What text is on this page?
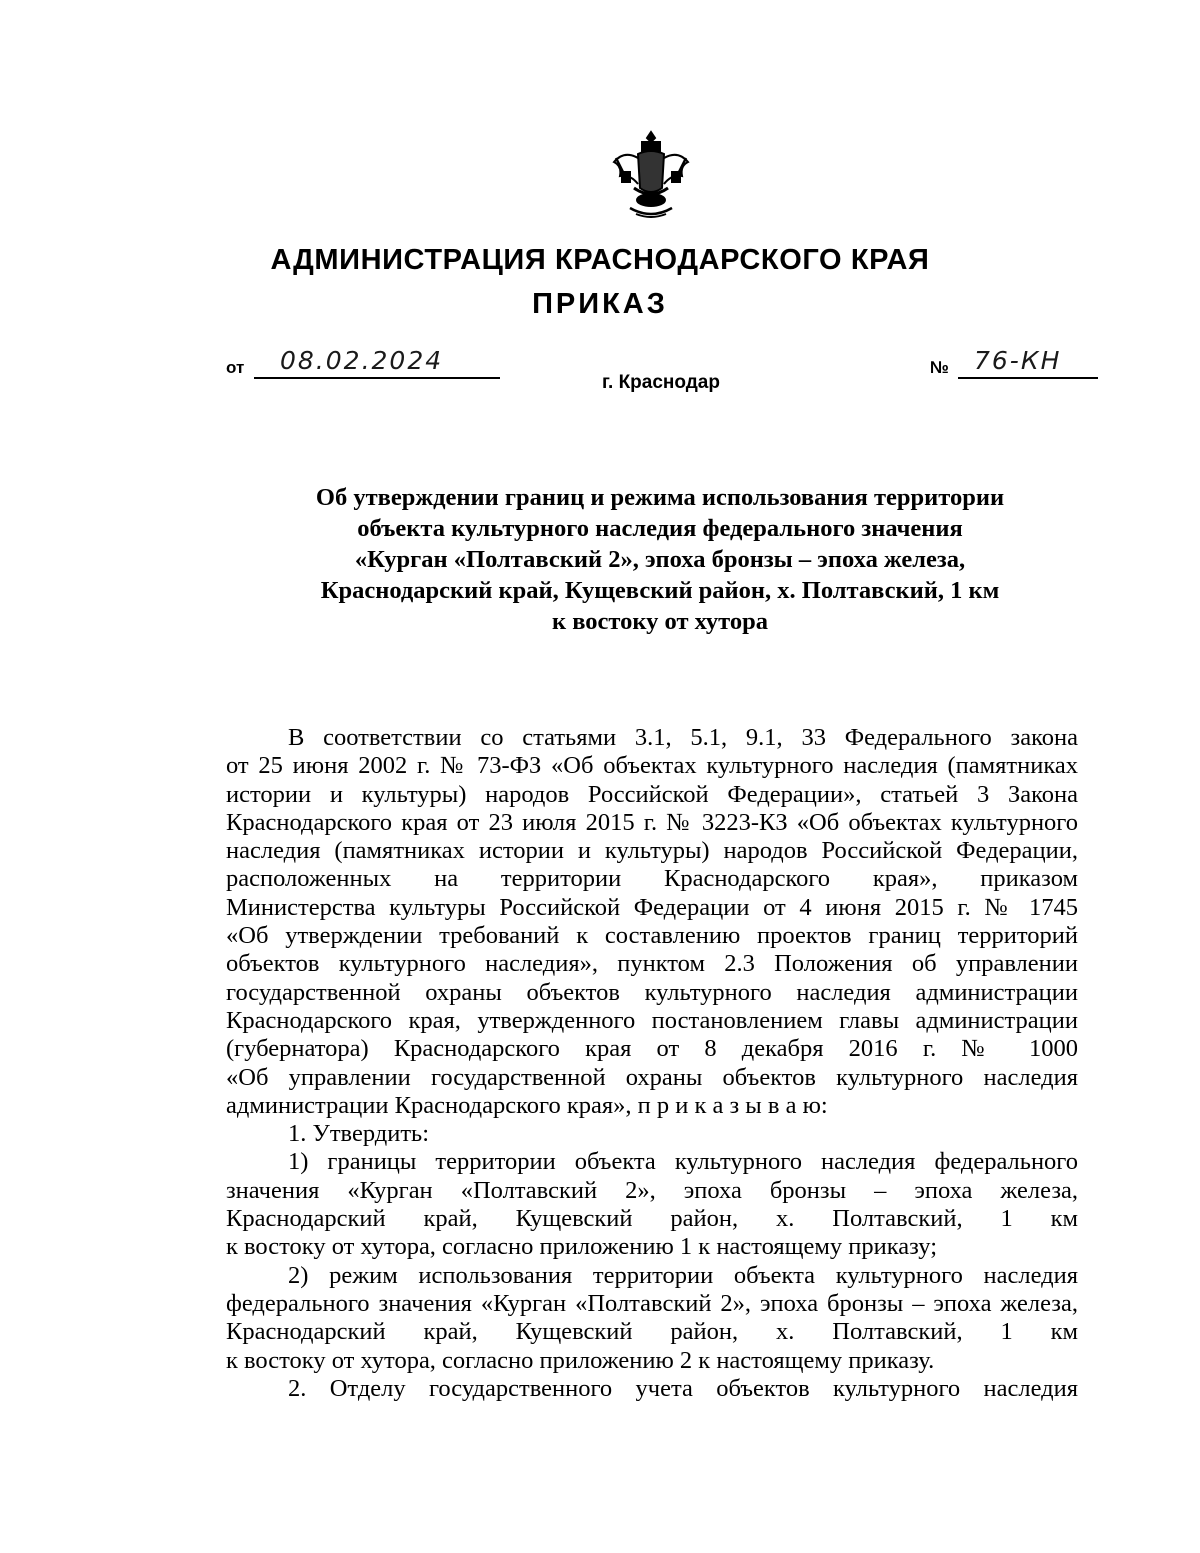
АДМИНИСТРАЦИЯ КРАСНОДАРСКОГО КРАЯ
ПРИКАЗ
от 08.02.2024	№ 76-КН
г. Краснодар
Об утверждении границ и режима использования территории
объекта культурного наследия федерального значения
«Курган «Полтавский 2», эпоха бронзы – эпоха железа,
Краснодарский край, Кущевский район, х. Полтавский, 1 км
к востоку от хутора
В соответствии со статьями 3.1, 5.1, 9.1, 33 Федерального закона
от 25 июня 2002 г. № 73-ФЗ «Об объектах культурного наследия (памятниках
истории и культуры) народов Российской Федерации», статьей 3 Закона
Краснодарского края от 23 июля 2015 г. № 3223-КЗ «Об объектах культурного
наследия (памятниках истории и культуры) народов Российской Федерации,
расположенных на территории Краснодарского края», приказом
Министерства культуры Российской Федерации от 4 июня 2015 г. № 1745
«Об утверждении требований к составлению проектов границ территорий
объектов культурного наследия», пунктом 2.3 Положения об управлении
государственной охраны объектов культурного наследия администрации
Краснодарского края, утвержденного постановлением главы администрации
(губернатора) Краснодарского края от 8 декабря 2016 г. № 1000
«Об управлении государственной охраны объектов культурного наследия
администрации Краснодарского края», п р и к а з ы в а ю:
1. Утвердить:
1) границы территории объекта культурного наследия федерального
значения «Курган «Полтавский 2», эпоха бронзы – эпоха железа,
Краснодарский край, Кущевский район, х. Полтавский, 1 км
к востоку от хутора, согласно приложению 1 к настоящему приказу;
2) режим использования территории объекта культурного наследия
федерального значения «Курган «Полтавский 2», эпоха бронзы – эпоха железа,
Краснодарский край, Кущевский район, х. Полтавский, 1 км
к востоку от хутора, согласно приложению 2 к настоящему приказу.
2. Отделу государственного учета объектов культурного наследия
